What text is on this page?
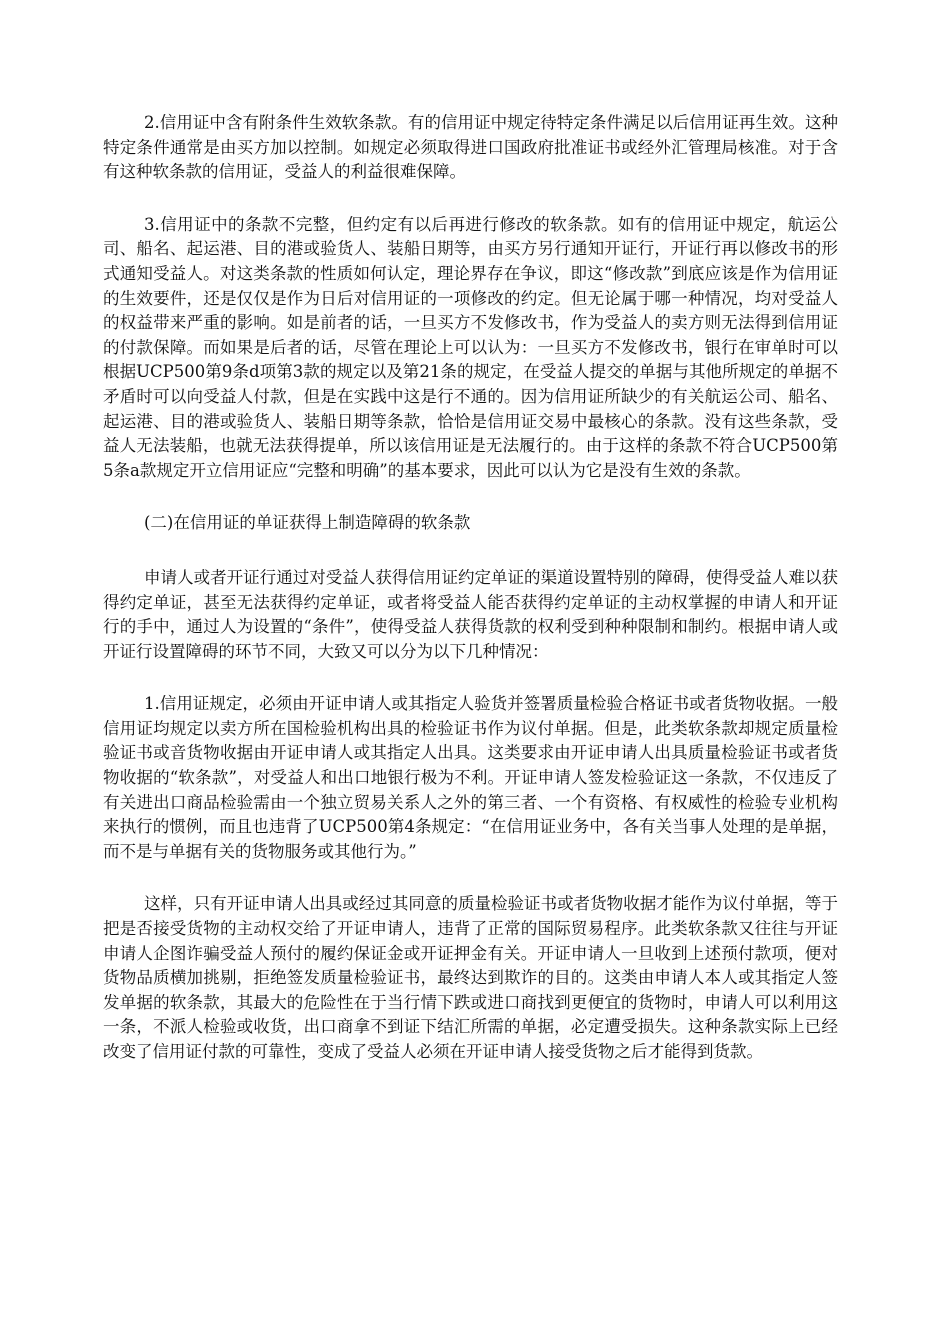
2.信用证中含有附条件生效软条款。有的信用证中规定待特定条件满足以后信用证再生效。这种特定条件通常是由买方加以控制。如规定必须取得进口国政府批准证书或经外汇管理局核准。对于含有这种软条款的信用证，受益人的利益很难保障。

3.信用证中的条款不完整，但约定有以后再进行修改的软条款。如有的信用证中规定，航运公司、船名、起运港、目的港或验货人、装船日期等，由买方另行通知开证行，开证行再以修改书的形式通知受益人。对这类条款的性质如何认定，理论界存在争议，即这“修改款”到底应该是作为信用证的生效要件，还是仅仅是作为日后对信用证的一项修改的约定。但无论属于哪一种情况，均对受益人的权益带来严重的影响。如是前者的话，一旦买方不发修改书，作为受益人的卖方则无法得到信用证的付款保障。而如果是后者的话，尽管在理论上可以认为：一旦买方不发修改书，银行在审单时可以根据UCP500第9条d项第3款的规定以及第21条的规定，在受益人提交的单据与其他所规定的单据不矛盾时可以向受益人付款，但是在实践中这是行不通的。因为信用证所缺少的有关航运公司、船名、起运港、目的港或验货人、装船日期等条款，恰恰是信用证交易中最核心的条款。没有这些条款，受益人无法装船，也就无法获得提单，所以该信用证是无法履行的。由于这样的条款不符合UCP500第5条a款规定开立信用证应“完整和明确”的基本要求，因此可以认为它是没有生效的条款。

(二)在信用证的单证获得上制造障碍的软条款

申请人或者开证行通过对受益人获得信用证约定单证的渠道设置特别的障碍，使得受益人难以获得约定单证，甚至无法获得约定单证，或者将受益人能否获得约定单证的主动权掌握的申请人和开证行的手中，通过人为设置的“条件”，使得受益人获得货款的权利受到种种限制和制约。根据申请人或开证行设置障碍的环节不同，大致又可以分为以下几种情况：

1.信用证规定，必须由开证申请人或其指定人验货并签署质量检验合格证书或者货物收据。一般信用证均规定以卖方所在国检验机构出具的检验证书作为议付单据。但是，此类软条款却规定质量检验证书或音货物收据由开证申请人或其指定人出具。这类要求由开证申请人出具质量检验证书或者货物收据的“软条款”，对受益人和出口地银行极为不利。开证申请人签发检验证这一条款，不仅违反了有关进出口商品检验需由一个独立贸易关系人之外的第三者、一个有资格、有权威性的检验专业机构来执行的惯例，而且也违背了UCP500第4条规定：“在信用证业务中，各有关当事人处理的是单据，而不是与单据有关的货物服务或其他行为。”

这样，只有开证申请人出具或经过其同意的质量检验证书或者货物收据才能作为议付单据，等于把是否接受货物的主动权交给了开证申请人，违背了正常的国际贸易程序。此类软条款又往往与开证申请人企图诈骗受益人预付的履约保证金或开证押金有关。开证申请人一旦收到上述预付款项，便对货物品质横加挑剔，拒绝签发质量检验证书，最终达到欺诈的目的。这类由申请人本人或其指定人签发单据的软条款，其最大的危险性在于当行情下跌或进口商找到更便宜的货物时，申请人可以利用这一条，不派人检验或收货，出口商拿不到证下结汇所需的单据，必定遭受损失。这种条款实际上已经改变了信用证付款的可靠性，变成了受益人必须在开证申请人接受货物之后才能得到货款。
